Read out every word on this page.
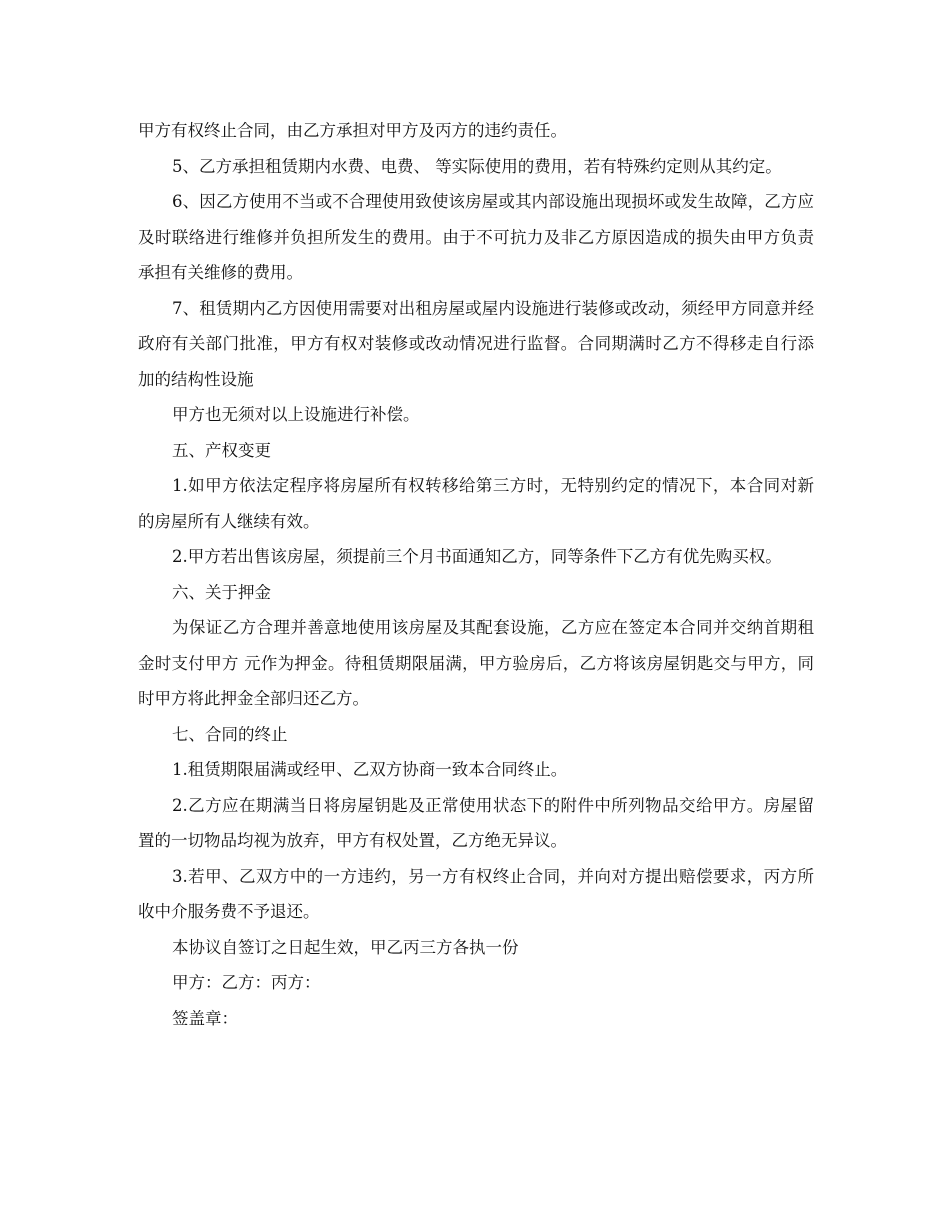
甲方有权终止合同，由乙方承担对甲方及丙方的违约责任。

5、乙方承担租赁期内水费、电费、 等实际使用的费用，若有特殊约定则从其约定。

6、因乙方使用不当或不合理使用致使该房屋或其内部设施出现损坏或发生故障，乙方应及时联络进行维修并负担所发生的费用。由于不可抗力及非乙方原因造成的损失由甲方负责承担有关维修的费用。

7、租赁期内乙方因使用需要对出租房屋或屋内设施进行装修或改动，须经甲方同意并经政府有关部门批准，甲方有权对装修或改动情况进行监督。合同期满时乙方不得移走自行添加的结构性设施

甲方也无须对以上设施进行补偿。

五、产权变更

1.如甲方依法定程序将房屋所有权转移给第三方时，无特别约定的情况下，本合同对新的房屋所有人继续有效。

2.甲方若出售该房屋，须提前三个月书面通知乙方，同等条件下乙方有优先购买权。

六、关于押金

为保证乙方合理并善意地使用该房屋及其配套设施，乙方应在签定本合同并交纳首期租金时支付甲方 元作为押金。待租赁期限届满，甲方验房后，乙方将该房屋钥匙交与甲方，同时甲方将此押金全部归还乙方。

七、合同的终止

1.租赁期限届满或经甲、乙双方协商一致本合同终止。

2.乙方应在期满当日将房屋钥匙及正常使用状态下的附件中所列物品交给甲方。房屋留置的一切物品均视为放弃，甲方有权处置，乙方绝无异议。

3.若甲、乙双方中的一方违约，另一方有权终止合同，并向对方提出赔偿要求，丙方所收中介服务费不予退还。

本协议自签订之日起生效，甲乙丙三方各执一份

甲方：乙方：丙方：

签盖章：
